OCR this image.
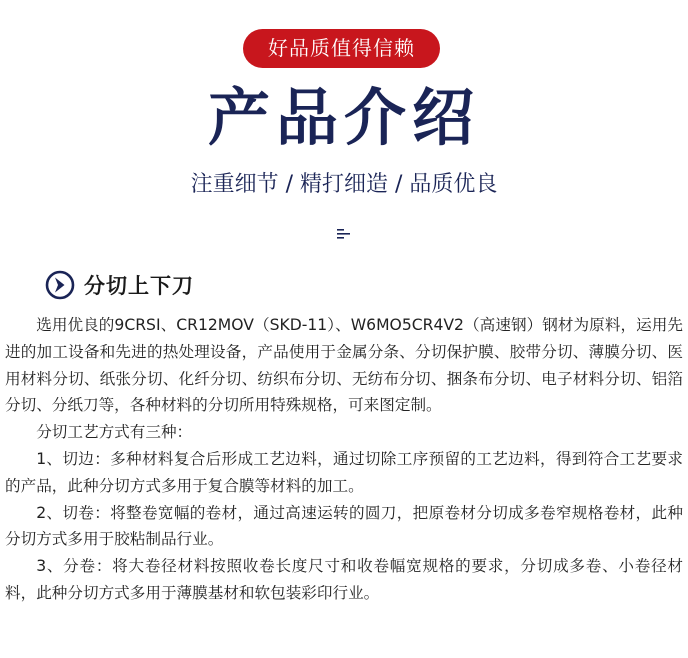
好品质值得信赖
产品介绍
注重细节 / 精打细造 / 品质优良
分切上下刀

选用优良的9CRSI、CR12MOV（SKD-11）、W6MO5CR4V2（高速钢）钢材为原料，运用先进的加工设备和先进的热处理设备，产品使用于金属分条、分切保护膜、胶带分切、薄膜分切、医用材料分切、纸张分切、化纤分切、纺织布分切、无纺布分切、捆条布分切、电子材料分切、铝箔分切、分纸刀等，各种材料的分切所用特殊规格，可来图定制。

分切工艺方式有三种：

1、切边：多种材料复合后形成工艺边料，通过切除工序预留的工艺边料，得到符合工艺要求的产品，此种分切方式多用于复合膜等材料的加工。

2、切卷：将整卷宽幅的卷材，通过高速运转的圆刀，把原卷材分切成多卷窄规格卷材，此种分切方式多用于胶粘制品行业。

3、分卷：将大卷径材料按照收卷长度尺寸和收卷幅宽规格的要求，分切成多卷、小卷径材料，此种分切方式多用于薄膜基材和软包装彩印行业。
